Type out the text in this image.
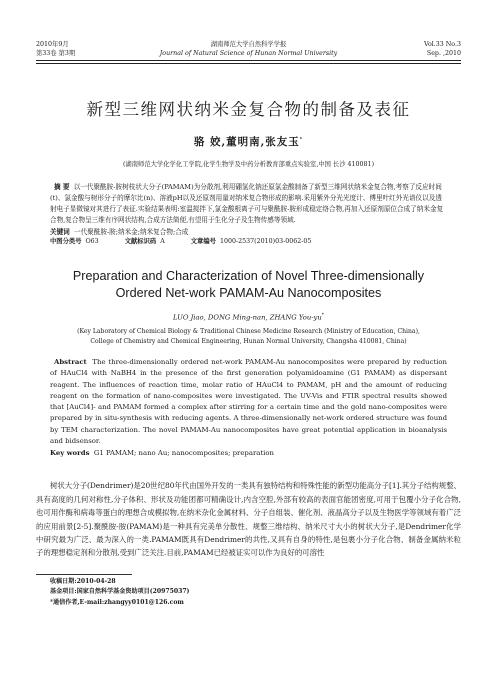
2010年9月
第33卷 第3期
湖南师范大学自然科学学报
Journal of Natural Science of Hunan Normal University
Vol.33 No.3
Sep. ,2010
新型三维网状纳米金复合物的制备及表征
骆 姣,董明南,张友玉*
(湖南师范大学化学化工学院,化学生物学及中药分析教育部重点实验室,中国 长沙 410081)
摘 要 以一代聚酰胺-胺树枝状大分子(PAMAM)为分散剂,利用硼氢化钠还原氯金酸制备了新型三维网状纳米金复合物,考察了反应时间(t)、氯金酸与树形分子的摩尔比(n)、溶液pH以及还原剂用量对纳米复合物形成的影响.采用紫外分光光度计、傅里叶红外光谱仪以及透射电子显微镜对其进行了表征.实验结果表明:室温搅拌下,氯金酸根离子可与聚酰胺-胺形成稳定络合物,再加入还原剂原位合成了纳米金复合物,复合物呈三维有序网状结构,合成方法简便,有望用于生化分子及生物传感等领域.
关键词 一代聚酰胺-胺;纳米金;纳米复合物;合成
中图分类号 O63	文献标识码 A	文章编号 1000-2537(2010)03-0062-05
Preparation and Characterization of Novel Three-dimensionally
Ordered Net-work PAMAM-Au Nanocomposites
LUO Jiao, DONG Ming-nan, ZHANG You-yu*
(Key Laboratory of Chemical Biology & Traditional Chinese Medicine Research (Ministry of Education, China),
College of Chemistry and Chemical Engineering, Hunan Normal University, Changsha 410081, China)
Abstract The three-dimensionally ordered net-work PAMAM-Au nanocomposites were prepared by reduction of HAuCl4 with NaBH4 in the presence of the first generation polyamidoamine (G1 PAMAM) as dispersant reagent. The influences of reaction time, molar ratio of HAuCl4 to PAMAM, pH and the amount of reducing reagent on the formation of nano-composites were investigated. The UV-Vis and FTIR spectral results showed that [AuCl4]- and PAMAM formed a complex after stirring for a certain time and the gold nano-composites were prepared by in situ-synthesis with reducing agents. A three-dimensionally net-work ordered structure was found by TEM characterization. The novel PAMAM-Au nanocomposites have great potential application in bioanalysis and bidsensor.
Key words G1 PAMAM; nano Au; nanocomposites; preparation
树状大分子(Dendrimer)是20世纪80年代由国外开发的一类具有独特结构和特殊性能的新型功能高分子[1].其分子结构规整、具有高度的几何对称性,分子体积、形状及功能团都可精确设计,内含空腔,外部有较高的表面官能团密度,可用于包覆小分子化合物,也可用作酶和病毒等蛋白的理想合成模拟物,在纳米杂化金属材料、分子自组装、催化剂、液晶高分子以及生物医学等领域有着广泛的应用前景[2-5].聚酰胺-胺(PAMAM)是一种具有完美单分散性、规整三维结构、纳米尺寸大小的树状大分子,是Dendrimer化学中研究最为广泛、最为深入的一类.PAMAM既具有Dendrimer的共性,又具有自身的特性,是包裹小分子化合物、制备金属纳米粒子的理想稳定剂和分散剂,受到广泛关注.目前,PAMAM已经被证实可以作为良好的可溶性
收稿日期:2010-04-28
基金项目:国家自然科学基金资助项目(20975037)
*通信作者,E-mail:zhangyy0101@126.com
